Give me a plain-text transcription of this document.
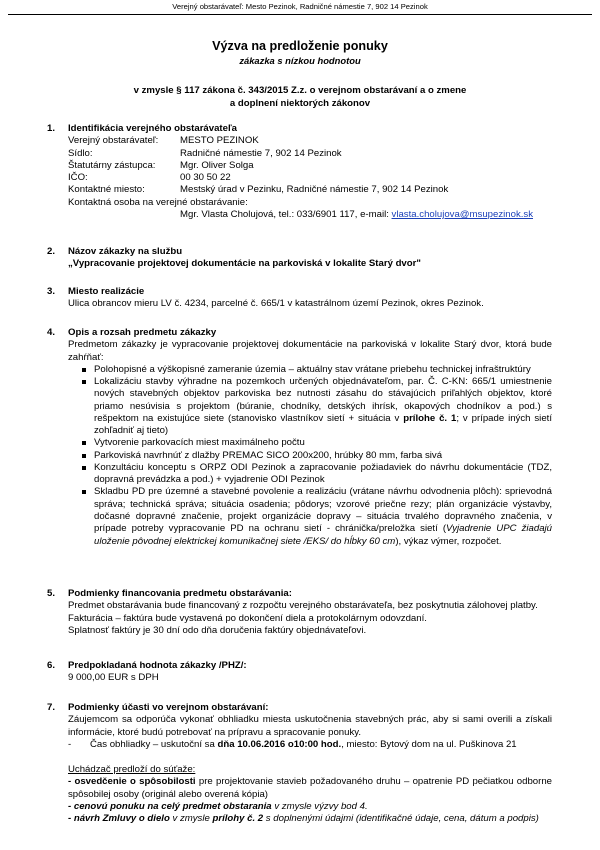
Verejný obstarávateľ: Mesto Pezinok, Radničné námestie 7, 902 14 Pezinok
Výzva na predloženie ponuky
zákazka s nízkou hodnotou
v zmysle § 117 zákona č. 343/2015 Z.z. o verejnom obstarávaní a o zmene
a doplnení niektorých zákonov
1. Identifikácia verejného obstarávateľa
Verejný obstarávateľ:	MESTO PEZINOK
Sídlo:	Radničné námestie 7, 902 14 Pezinok
Štatutárny zástupca:	Mgr. Oliver Solga
IČO:	00 30 50 22
Kontaktné miesto:	Mestský úrad v Pezinku, Radničné námestie 7, 902 14 Pezinok
Kontaktná osoba na verejné obstarávanie:
Mgr. Vlasta Cholujová, tel.: 033/6901 117, e-mail: vlasta.cholujova@msupezinok.sk
2. Názov zákazky na službu
„Vypracovanie projektovej dokumentácie na parkoviská v lokalite Starý dvor"
3. Miesto realizácie
Ulica obrancov mieru LV č. 4234, parcelné č. 665/1 v katastrálnom území Pezinok, okres Pezinok.
4. Opis a rozsah predmetu zákazky
Predmetom zákazky je vypracovanie projektovej dokumentácie na parkoviská v lokalite Starý dvor, ktorá bude zahŕňať:
Polohopisné a výškopisné zameranie územia – aktuálny stav vrátane priebehu technickej infraštruktúry
Lokalizáciu stavby výhradne na pozemkoch určených objednávateľom, par. Č. C-KN: 665/1 umiestnenie nových stavebných objektov parkoviska bez nutnosti zásahu do stávajúcich priľahlých objektov, ktoré priamo nesúvisia s projektom (búranie, chodníky, detských ihrísk, okapových chodníkov a pod.) s rešpektom na existujúce siete (stanovisko vlastníkov sietí + situácia v prílohe č. 1; v prípade iných sietí zohľadniť aj tieto)
Vytvorenie parkovacích miest maximálneho počtu
Parkoviská navrhnúť z dlažby PREMAC SICO 200x200, hrúbky 80 mm, farba sivá
Konzultáciu konceptu s ORPZ ODI Pezinok a zapracovanie požiadaviek do návrhu dokumentácie (TDZ, dopravná prevádzka a pod.) + vyjadrenie ODI Pezinok
Skladbu PD pre územné a stavebné povolenie a realizáciu (vrátane návrhu odvodnenia plôch): sprievodná správa; technická správa; situácia osadenia; pôdorys; vzorové priečne rezy; plán organizácie výstavby, dočasné dopravné značenie, projekt organizácie dopravy – situácia trvalého dopravného značenia, v prípade potreby vypracovanie PD na ochranu sietí - chránička/preložka sietí (Vyjadrenie UPC žiadajú uloženie pôvodnej elektrickej komunikačnej siete /EKS/ do hĺbky 60 cm), výkaz výmer, rozpočet.
5. Podmienky financovania predmetu obstarávania:
Predmet obstarávania bude financovaný z rozpočtu verejného obstarávateľa, bez poskytnutia zálohovej platby.
Fakturácia – faktúra bude vystavená po dokončení diela a protokolárnym odovzdaní.
Splatnosť faktúry je 30 dní odo dňa doručenia faktúry objednávateľovi.
6. Predpokladaná hodnota zákazky /PHZ/:
9 000,00 EUR s DPH
7. Podmienky účasti vo verejnom obstarávaní:
Záujemcom sa odporúča vykonať obhliadku miesta uskutočnenia stavebných prác, aby si sami overili a získali informácie, ktoré budú potrebovať na prípravu a spracovanie ponuky.
-	Čas obhliadky – uskutoční sa dňa 10.06.2016 o10:00 hod., miesto: Bytový dom na ul. Puškinova 21
Uchádzač predloží do súťaže:
- osvedčenie o spôsobilosti pre projektovanie stavieb požadovaného druhu – opatrenie PD pečiatkou odborne spôsobilej osoby (originál alebo overená kópia)
- cenovú ponuku na celý predmet obstarania v zmysle výzvy bod 4.
- návrh Zmluvy o dielo v zmysle prílohy č. 2 s doplnenými údajmi (identifikačné údaje, cena, dátum a podpis)
